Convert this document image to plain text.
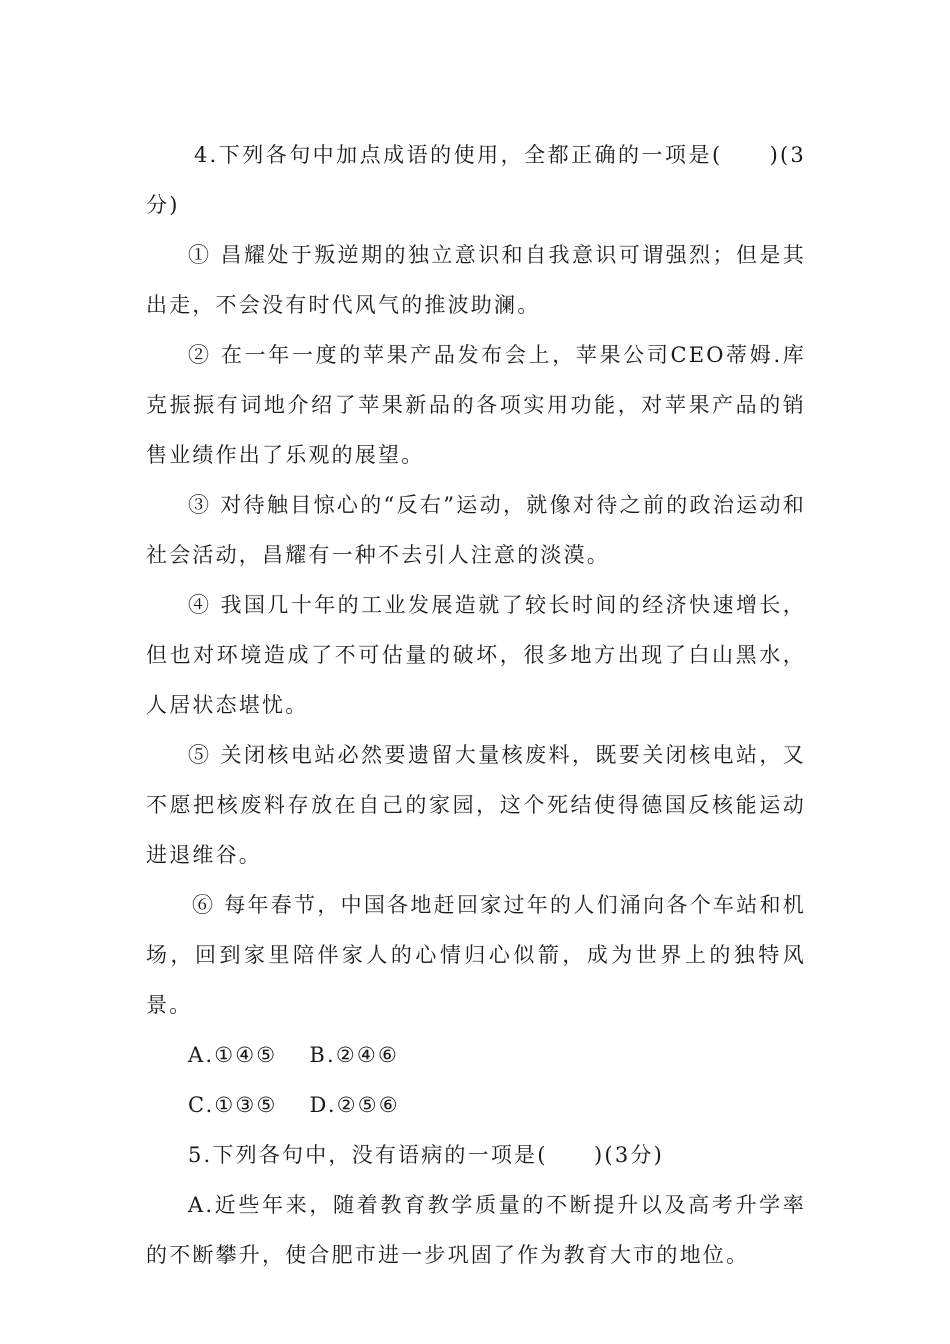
4.下列各句中加点成语的使用，全都正确的一项是(　　)(3分)

① 昌耀处于叛逆期的独立意识和自我意识可谓强烈；但是其出走，不会没有时代风气的推波助澜。

② 在一年一度的苹果产品发布会上，苹果公司CEO蒂姆.库克振振有词地介绍了苹果新品的各项实用功能，对苹果产品的销售业绩作出了乐观的展望。

③ 对待触目惊心的“反右”运动，就像对待之前的政治运动和社会活动，昌耀有一种不去引人注意的淡漠。

④ 我国几十年的工业发展造就了较长时间的经济快速增长，但也对环境造成了不可估量的破坏，很多地方出现了白山黑水，人居状态堪忧。

⑤ 关闭核电站必然要遗留大量核废料，既要关闭核电站，又不愿把核废料存放在自己的家园，这个死结使得德国反核能运动进退维谷。

⑥ 每年春节，中国各地赶回家过年的人们涌向各个车站和机场，回到家里陪伴家人的心情归心似箭，成为世界上的独特风景。

A.①④⑤　 B.②④⑥

C.①③⑤　 D.②⑤⑥

5.下列各句中，没有语病的一项是(　　)(3分)

A.近些年来，随着教育教学质量的不断提升以及高考升学率的不断攀升，使合肥市进一步巩固了作为教育大市的地位。
